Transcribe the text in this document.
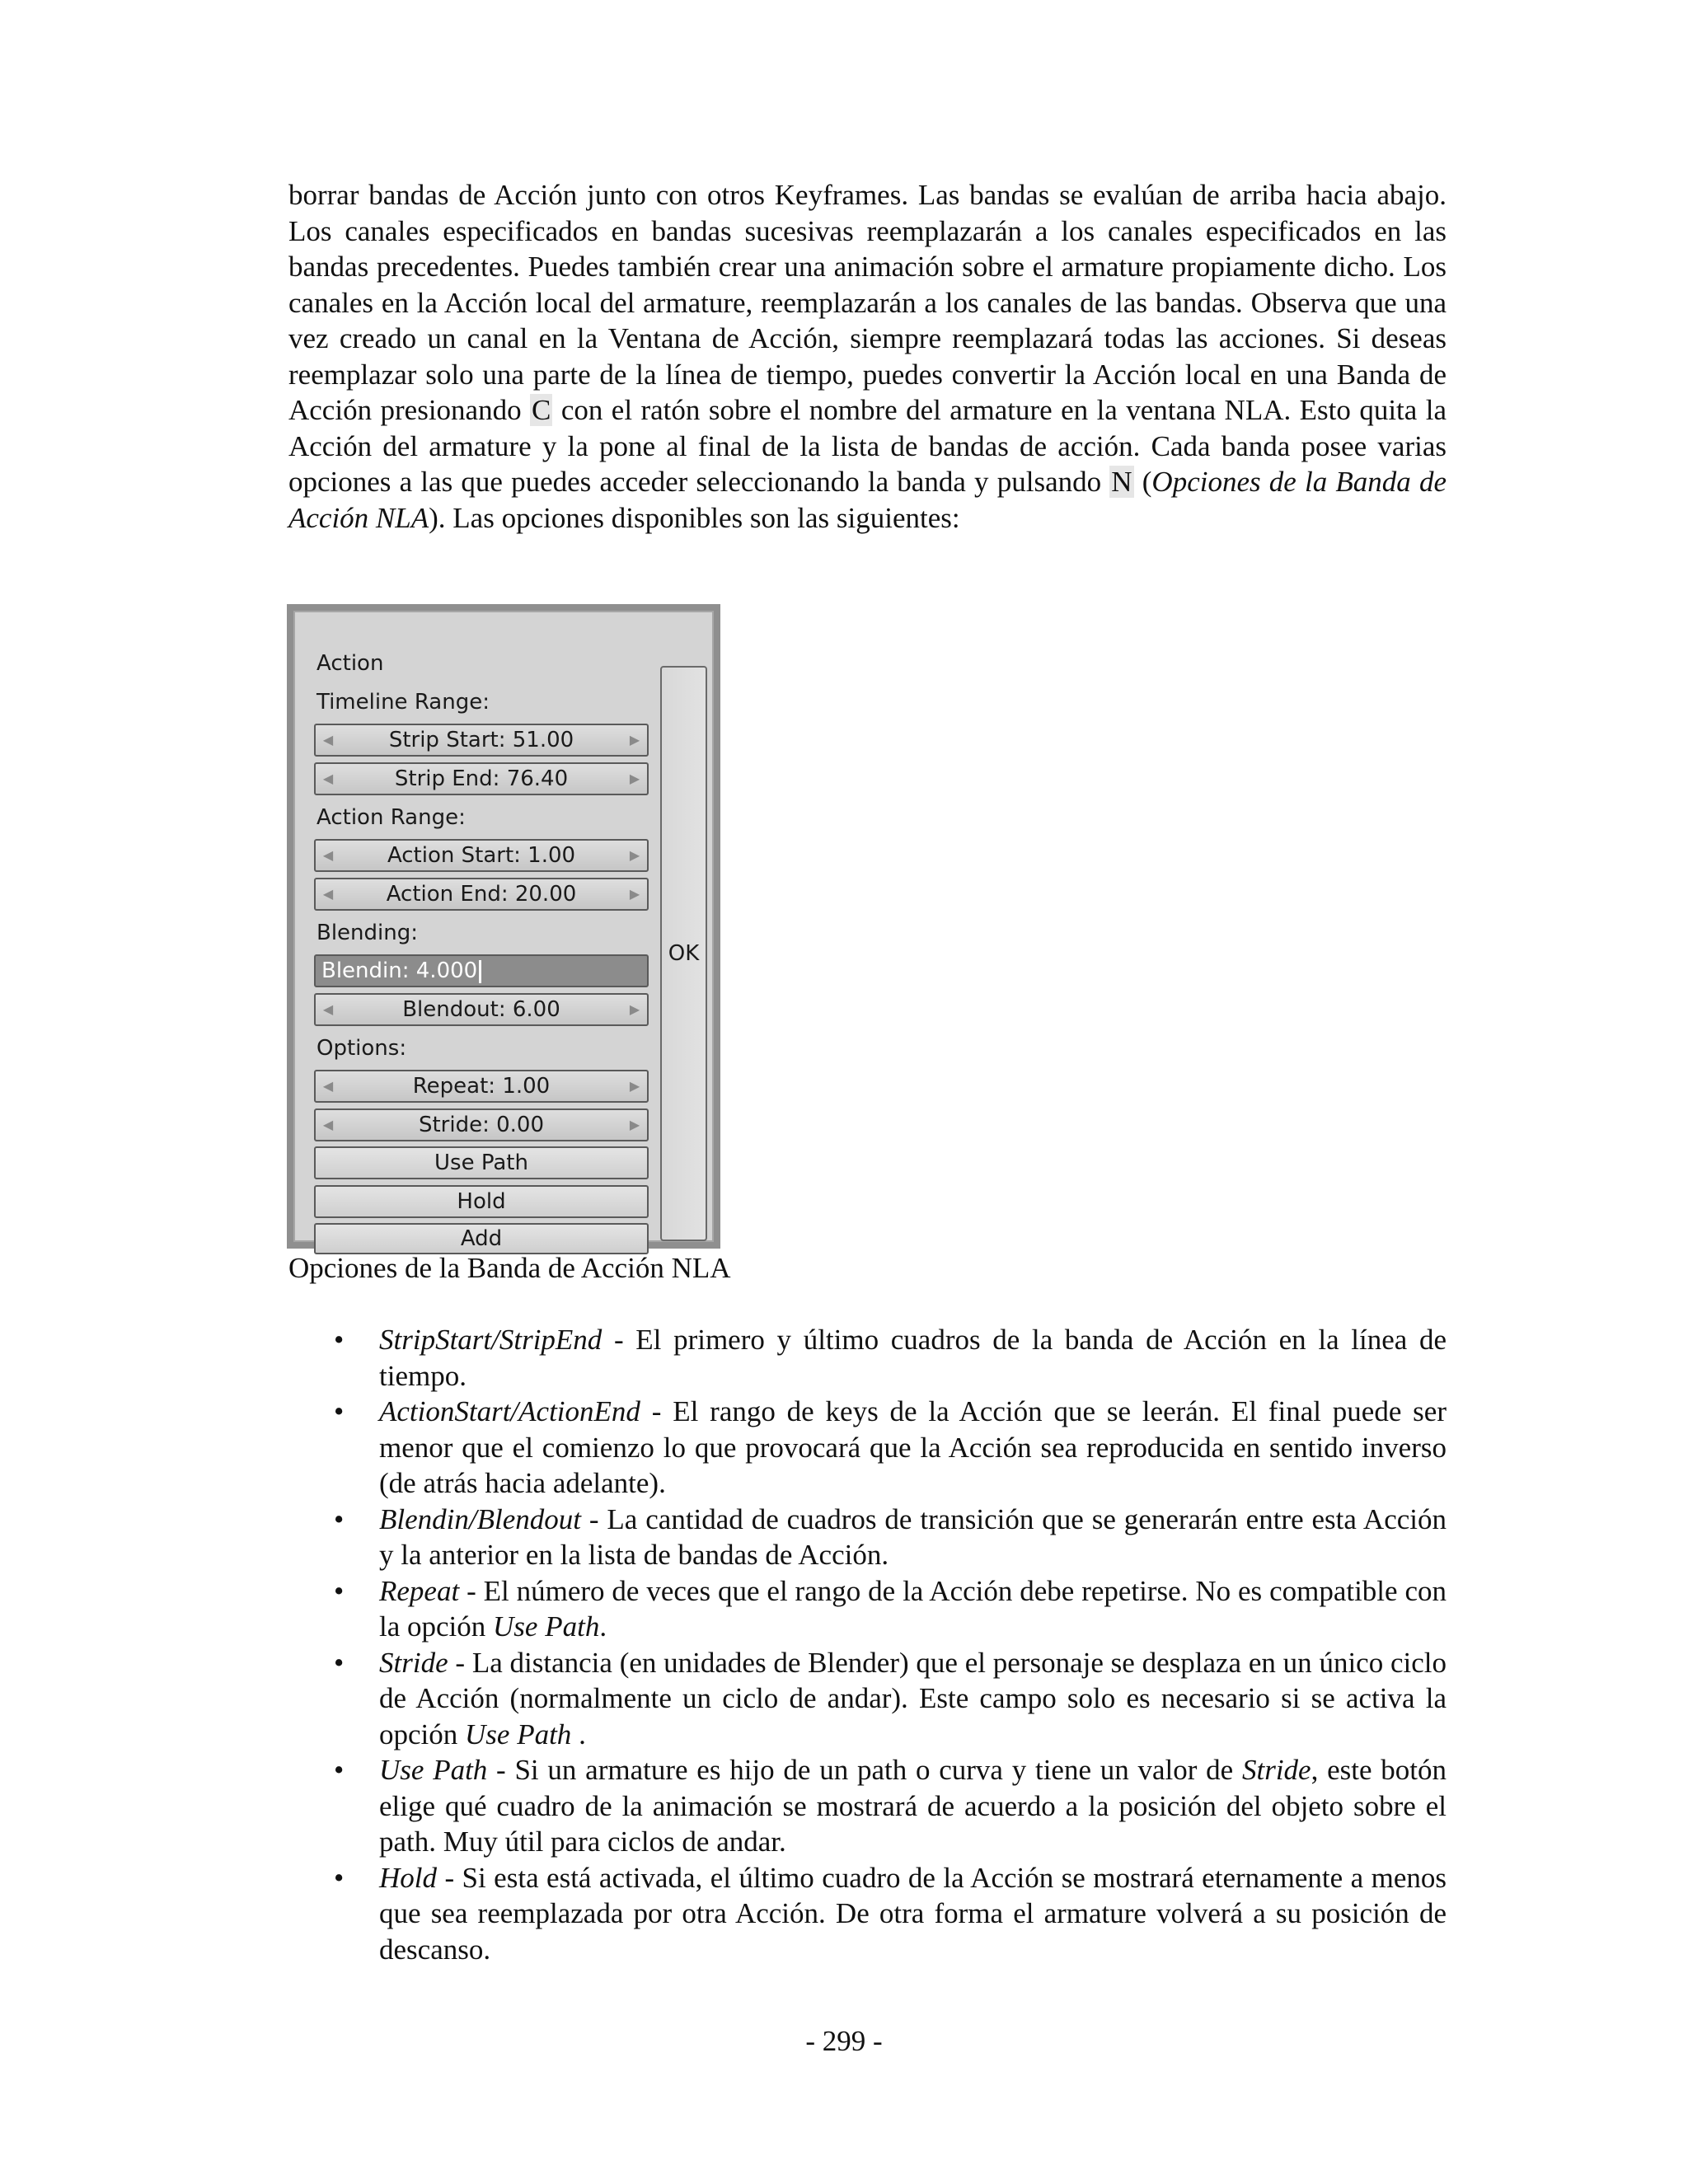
borrar bandas de Acción junto con otros Keyframes. Las bandas se evalúan de arriba hacia abajo. Los canales especificados en bandas sucesivas reemplazarán a los canales especificados en las bandas precedentes. Puedes también crear una animación sobre el armature propiamente dicho. Los canales en la Acción local del armature, reemplazarán a los canales de las bandas. Observa que una vez creado un canal en la Ventana de Acción, siempre reemplazará todas las acciones. Si deseas reemplazar solo una parte de la línea de tiempo, puedes convertir la Acción local en una Banda de Acción presionando C con el ratón sobre el nombre del armature en la ventana NLA. Esto quita la Acción del armature y la pone al final de la lista de bandas de acción. Cada banda posee varias opciones a las que puedes acceder seleccionando la banda y pulsando N (Opciones de la Banda de Acción NLA). Las opciones disponibles son las siguientes:

Action
Timeline Range:
◀	Strip Start: 51.00	▶
◀	Strip End: 76.40	▶
Action Range:
◀	Action Start: 1.00	▶
◀ Action End: 20.00	▶
Blending:
Blendin: 4.000
◀	Blendout: 6.00	▶
Options:
◀	Repeat: 1.00	▶
◀	Stride: 0.00	▶
Use Path
Hold
Add
OK

Opciones de la Banda de Acción NLA

• StripStart/StripEnd - El primero y último cuadros de la banda de Acción en la línea de tiempo.
• ActionStart/ActionEnd - El rango de keys de la Acción que se leerán. El final puede ser menor que el comienzo lo que provocará que la Acción sea reproducida en sentido inverso (de atrás hacia adelante).
• Blendin/Blendout - La cantidad de cuadros de transición que se generarán entre esta Acción y la anterior en la lista de bandas de Acción.
• Repeat - El número de veces que el rango de la Acción debe repetirse. No es compatible con la opción Use Path.
• Stride - La distancia (en unidades de Blender) que el personaje se desplaza en un único ciclo de Acción (normalmente un ciclo de andar). Este campo solo es necesario si se activa la opción Use Path .
• Use Path - Si un armature es hijo de un path o curva y tiene un valor de Stride, este botón elige qué cuadro de la animación se mostrará de acuerdo a la posición del objeto sobre el path. Muy útil para ciclos de andar.
• Hold - Si esta está activada, el último cuadro de la Acción se mostrará eternamente a menos que sea reemplazada por otra Acción. De otra forma el armature volverá a su posición de descanso.

- 299 -
